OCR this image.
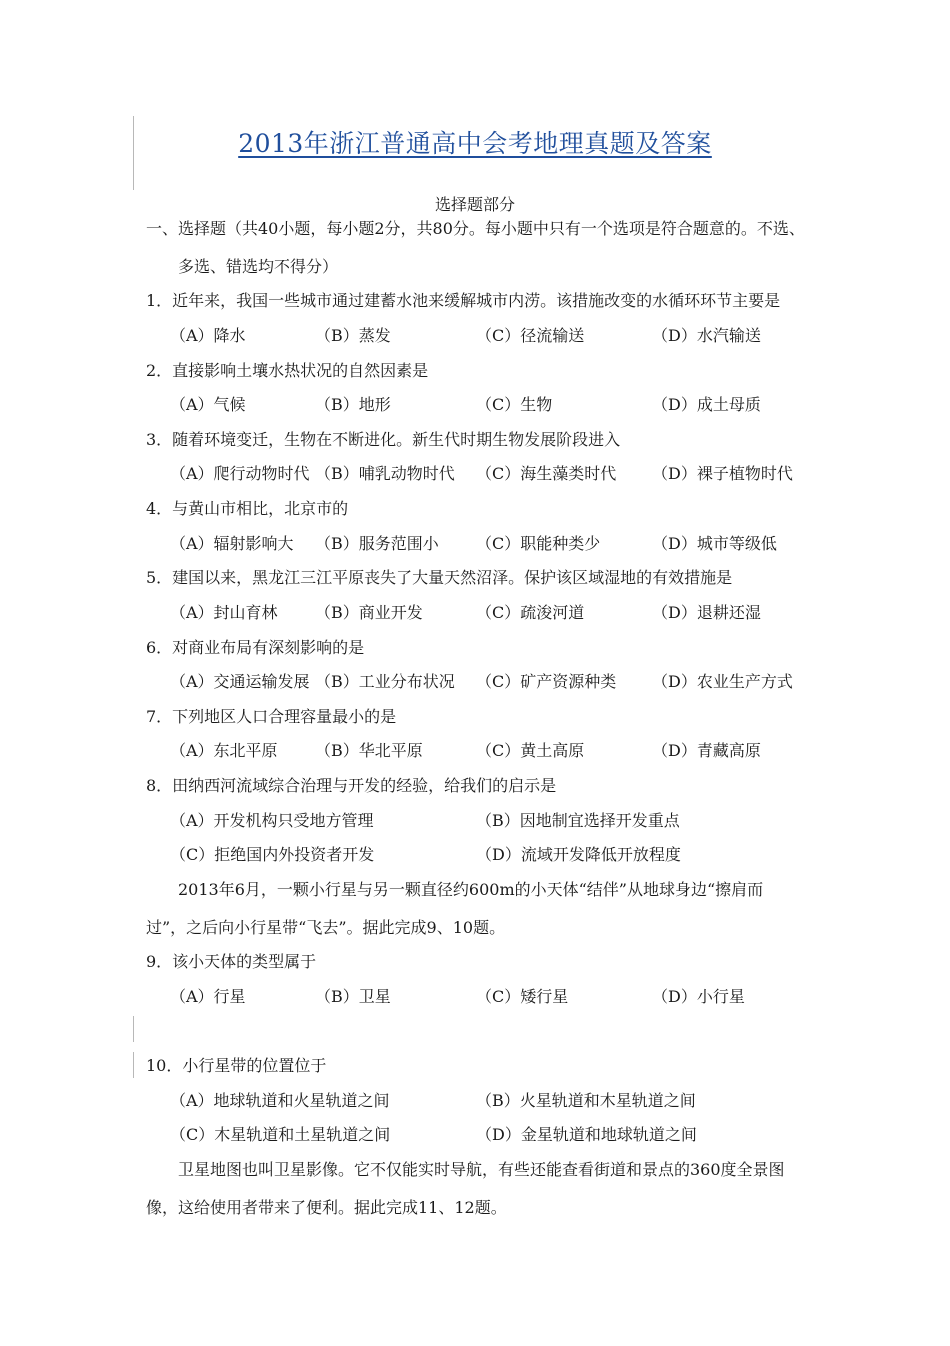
2013年浙江普通高中会考地理真题及答案
选择题部分
一、选择题（共40小题，每小题2分，共80分。每小题中只有一个选项是符合题意的。不选、
多选、错选均不得分）
1．近年来，我国一些城市通过建蓄水池来缓解城市内涝。该措施改变的水循环环节主要是
（A）降水	（B）蒸发	（C）径流输送	（D）水汽输送
2．直接影响土壤水热状况的自然因素是
（A）气候	（B）地形	（C）生物	（D）成土母质
3．随着环境变迁，生物在不断进化。新生代时期生物发展阶段进入
（A）爬行动物时代 （B）哺乳动物时代 （C）海生藻类时代 （D）裸子植物时代
4．与黄山市相比，北京市的
（A）辐射影响大 （B）服务范围小 （C）职能种类少	（D）城市等级低
5．建国以来，黑龙江三江平原丧失了大量天然沼泽。保护该区域湿地的有效措施是
（A）封山育林 （B）商业开发	（C）疏浚河道	（D）退耕还湿
6．对商业布局有深刻影响的是
（A）交通运输发展 （B）工业分布状况 （C）矿产资源种类 （D）农业生产方式
7．下列地区人口合理容量最小的是
（A）东北平原 （B）华北平原	（C）黄土高原	（D）青藏高原
8．田纳西河流域综合治理与开发的经验，给我们的启示是
（A）开发机构只受地方管理	（B）因地制宜选择开发重点
（C）拒绝国内外投资者开发	（D）流域开发降低开放程度
2013年6月，一颗小行星与另一颗直径约600m的小天体“结伴”从地球身边“擦肩而
过”，之后向小行星带“飞去”。据此完成9、10题。
9．该小天体的类型属于
（A）行星	（B）卫星	（C）矮行星	（D）小行星
10．小行星带的位置位于
（A）地球轨道和火星轨道之间	（B）火星轨道和木星轨道之间
（C）木星轨道和土星轨道之间	（D）金星轨道和地球轨道之间
卫星地图也叫卫星影像。它不仅能实时导航，有些还能查看街道和景点的360度全景图
像，这给使用者带来了便利。据此完成11、12题。
